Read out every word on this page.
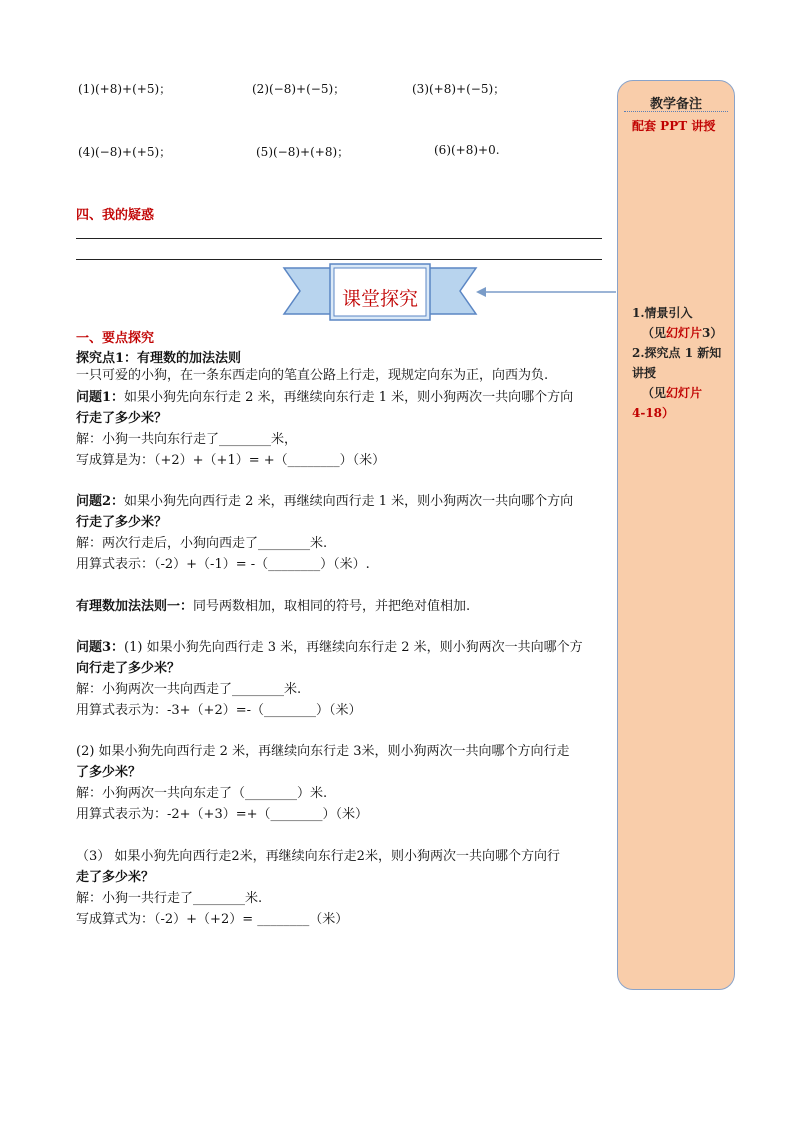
(1)(+8)+(+5)；	(2)(−8)+(−5)；	(3)(+8)+(−5)；
(4)(−8)+(+5)；	(5)(−8)+(+8)；	(6)(+8)+0.
四、我的疑惑
课堂探究
一、要点探究
探究点1：有理数的加法法则
一只可爱的小狗，在一条东西走向的笔直公路上行走，现规定向东为正，向西为负.
问题1：如果小狗先向东行走 2 米，再继续向东行走 1 米，则小狗两次一共向哪个方向
行走了多少米？
解：小狗一共向东行走了________米，
写成算是为：（+2）+（+1）= +（________）（米）
问题2：如果小狗先向西行走 2 米，再继续向西行走 1 米，则小狗两次一共向哪个方向
行走了多少米？
解：两次行走后，小狗向西走了________米.
用算式表示：（-2）+（-1）= -（________）（米）.
有理数加法法则一：同号两数相加，取相同的符号，并把绝对值相加.
问题3：(1) 如果小狗先向西行走 3 米，再继续向东行走 2 米，则小狗两次一共向哪个方
向行走了多少米？
解：小狗两次一共向西走了________米.
用算式表示为：-3+（+2）=-（________）（米）
(2) 如果小狗先向西行走 2 米，再继续向东行走 3米，则小狗两次一共向哪个方向行走
了多少米？
解：小狗两次一共向东走了（________）米.
用算式表示为：-2+（+3）=+（________）（米）
（3） 如果小狗先向西行走2米，再继续向东行走2米，则小狗两次一共向哪个方向行
走了多少米？
解：小狗一共行走了________米.
写成算式为：（-2）+（+2）= ________（米）
教学备注
配套 PPT 讲授
1.情景引入
（见幻灯片3）
2.探究点 1 新知讲授
（见幻灯片
4-18）
